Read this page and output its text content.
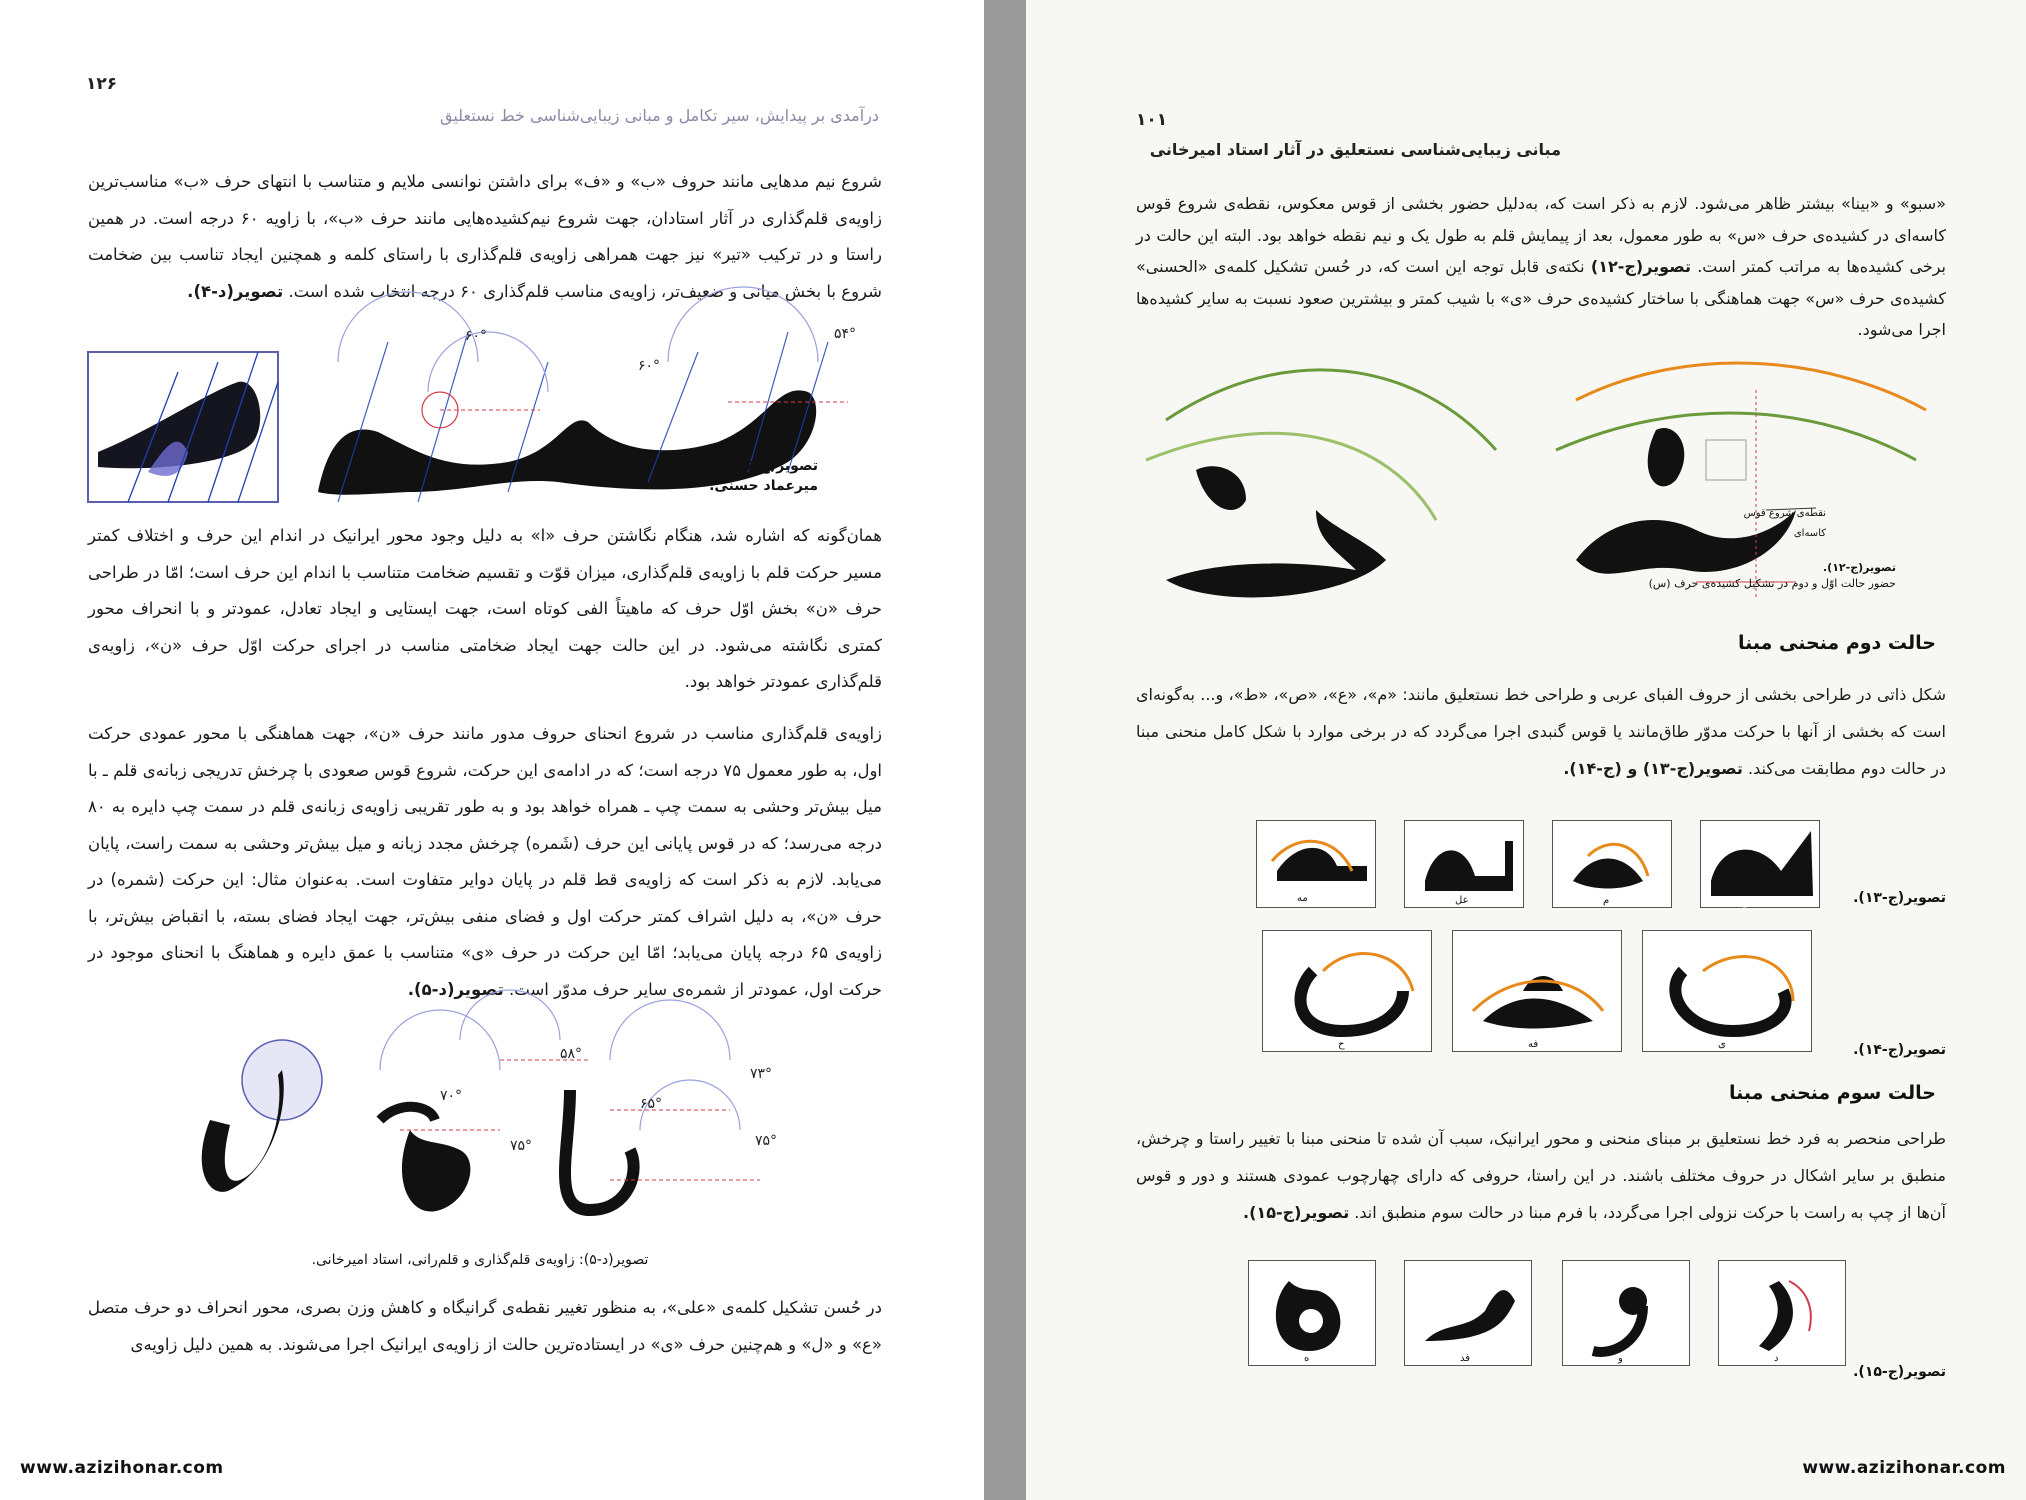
۱۲۶
درآمدی بر پیدایش، سیر تکامل و مبانی زیبایی‌شناسی خط نستعلیق
شروع نیم مدهایی مانند حروف «ب» و «ف» برای داشتن نوانسی ملایم و متناسب با انتهای حرف «ب» مناسب‌ترین زاویه‌ی قلم‌گذاری در آثار استادان، جهت شروع نیم‌کشیده‌هایی مانند حرف «ب»، با زاویه ۶۰ درجه است. در همین راستا و در ترکیب «تیر» نیز جهت همراهی زاویه‌ی قلم‌گذاری با راستای کلمه و همچنین ایجاد تناسب بین ضخامت شروع با بخش میانی و ضعیف‌تر، زاویه‌ی مناسب قلم‌گذاری ۶۰ درجه انتخاب شده است. تصویر(د-۴).
۶۰°
۶۰°
۵۴°
تصویر(ج-۶۶):
میرعماد حسنی.
همان‌گونه که اشاره شد، هنگام نگاشتن حرف «ا» به دلیل وجود محور ایرانیک در اندام این حرف و اختلاف کمتر مسیر حرکت قلم با زاویه‌ی قلم‌گذاری، میزان قوّت و تقسیم ضخامت متناسب با اندام این حرف است؛ امّا در طراحی حرف «ن» بخش اوّل حرف که ماهیتاً الفی کوتاه است، جهت ایستایی و ایجاد تعادل، عمودتر و با انحراف محور کمتری نگاشته می‌شود. در این حالت جهت ایجاد ضخامتی مناسب در اجرای حرکت اوّل حرف «ن»، زاویه‌ی قلم‌گذاری عمودتر خواهد بود.
زاویه‌ی قلم‌گذاری مناسب در شروع انحنای حروف مدور مانند حرف «ن»، جهت هماهنگی با محور عمودی حرکت اول، به طور معمول ۷۵ درجه است؛ که در ادامه‌ی این حرکت، شروع قوس صعودی با چرخش تدریجی زبانه‌ی قلم ـ با میل بیش‌تر وحشی به سمت چپ ـ همراه خواهد بود و به طور تقریبی زاویه‌ی زبانه‌ی قلم در سمت چپ دایره به ۸۰ درجه می‌رسد؛ که در قوس پایانی این حرف (شَمره) چرخش مجدد زبانه و میل بیش‌تر وحشی به سمت راست، پایان می‌یابد. لازم به ذکر است که زاویه‌ی قط قلم در پایان دوایر متفاوت است. به‌عنوان مثال: این حرکت (شمره) در حرف «ن»، به دلیل اشراف کمتر حرکت اول و فضای منفی بیش‌تر، جهت ایجاد فضای بسته، با انقباض بیش‌تر، با زاویه‌ی ۶۵ درجه پایان می‌یابد؛ امّا این حرکت در حرف «ی» متناسب با عمق دایره و هماهنگ با انحنای موجود در حرکت اول، عمودتر از شمره‌ی سایر حرف مدوّر است. تصویر(د-۵).
۷۰°
۵۸°
۷۵°
۶۵°
۷۳°
۷۵°
تصویر(د-۵): زاویه‌ی قلم‌گذاری و قلم‌رانی، استاد امیرخانی.
در حُسن تشکیل کلمه‌ی «علی»، به منظور تغییر نقطه‌ی گرانیگاه و کاهش وزن بصری، محور انحراف دو حرف متصل «ع» و «ل» و هم‌چنین حرف «ی» در ایستاده‌ترین حالت از زاویه‌ی ایرانیک اجرا می‌شوند. به همین دلیل زاویه‌ی
www.azizihonar.com
۱۰۱
مبانی زیبایی‌شناسی نستعلیق در آثار استاد امیرخانی
«سبو» و «بینا» بیشتر ظاهر می‌شود. لازم به ذکر است که، به‌دلیل حضور بخشی از قوس معکوس، نقطه‌ی شروع قوس کاسه‌ای در کشیده‌ی حرف «س» به طور معمول، بعد از پیمایش قلم به طول یک و نیم نقطه خواهد بود. البته این حالت در برخی کشیده‌ها به مراتب کمتر است. تصویر(ج-۱۲) نکته‌ی قابل توجه این است که، در حُسن تشکیل کلمه‌ی «الحسنی» کشیده‌ی حرف «س» جهت هماهنگی با ساختار کشیده‌ی حرف «ی» با شیب کمتر و بیشترین صعود نسبت به سایر کشیده‌ها اجرا می‌شود.
نقطه‌ی شروع قوس کاسه‌ای
تصویر(ج-۱۲).
حضور حالت اوّل و دوم در تشکیل کشیده‌ی حرف (س)
حالت دوم منحنی مبنا
شکل ذاتی در طراحی بخشی از حروف الفبای عربی و طراحی خط نستعلیق مانند: «م»، «ع»، «ص»، «ط»، و... به‌گونه‌ای است که بخشی از آنها با حرکت مدوّر طاق‌مانند یا قوس گنبدی اجرا می‌گردد که در برخی موارد با شکل کامل منحنی مبنا در حالت دوم مطابقت می‌کند. تصویر(ج-۱۳) و (ج-۱۴).
مه	عل	م	لع	تصویر(ج-۱۳).
ح	فه	ی	تصویر(ج-۱۴).
حالت سوم منحنی مبنا
طراحی منحصر به فرد خط نستعلیق بر مبنای منحنی و محور ایرانیک، سبب آن شده تا منحنی مبنا با تغییر راستا و چرخش، منطبق بر سایر اشکال در حروف مختلف باشند. در این راستا، حروفی که دارای چهارچوب عمودی هستند و دور و قوس آن‌ها از چپ به راست با حرکت نزولی اجرا می‌گردد، با فرم مبنا در حالت سوم منطبق اند. تصویر(ج-۱۵).
ه	فد	و	د
تصویر(ج-۱۵).
www.azizihonar.com
